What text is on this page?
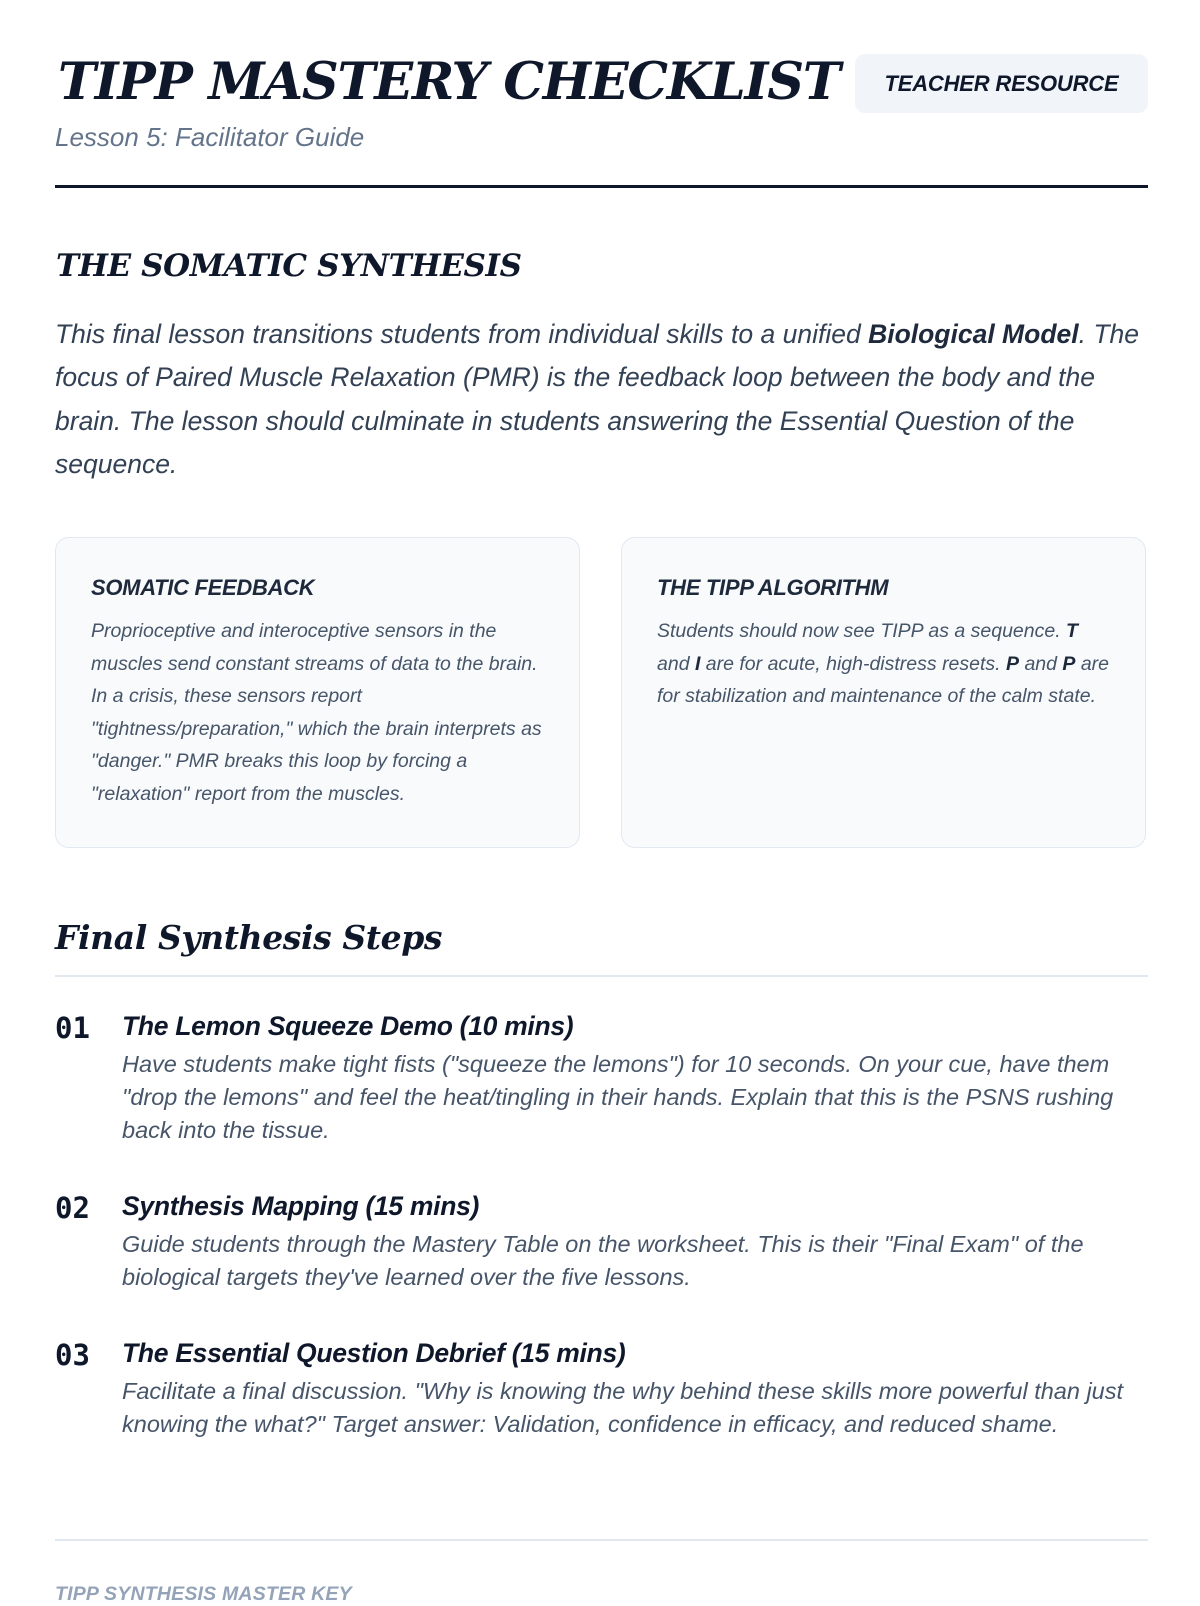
TIPP MASTERY CHECKLIST	TEACHER RESOURCE
Lesson 5: Facilitator Guide
THE SOMATIC SYNTHESIS

This final lesson transitions students from individual skills to a unified Biological Model. The focus of Paired Muscle Relaxation (PMR) is the feedback loop between the body and the brain. The lesson should culminate in students answering the Essential Question of the sequence.

SOMATIC FEEDBACK

Proprioceptive and interoceptive sensors in the muscles send constant streams of data to the brain. In a crisis, these sensors report "tightness/preparation," which the brain interprets as "danger." PMR breaks this loop by forcing a "relaxation" report from the muscles.

THE TIPP ALGORITHM

Students should now see TIPP as a sequence. T and I are for acute, high-distress resets. P and P are for stabilization and maintenance of the calm state.

Final Synthesis Steps
01 The Lemon Squeeze Demo (10 mins)

Have students make tight fists ("squeeze the lemons") for 10 seconds. On your cue, have them "drop the lemons" and feel the heat/tingling in their hands. Explain that this is the PSNS rushing back into the tissue.

02 Synthesis Mapping (15 mins)

Guide students through the Mastery Table on the worksheet. This is their "Final Exam" of the biological targets they've learned over the five lessons.

03 The Essential Question Debrief (15 mins)

Facilitate a final discussion. "Why is knowing the why behind these skills more powerful than just knowing the what?" Target answer: Validation, confidence in efficacy, and reduced shame.

TIPP SYNTHESIS MASTER KEY
